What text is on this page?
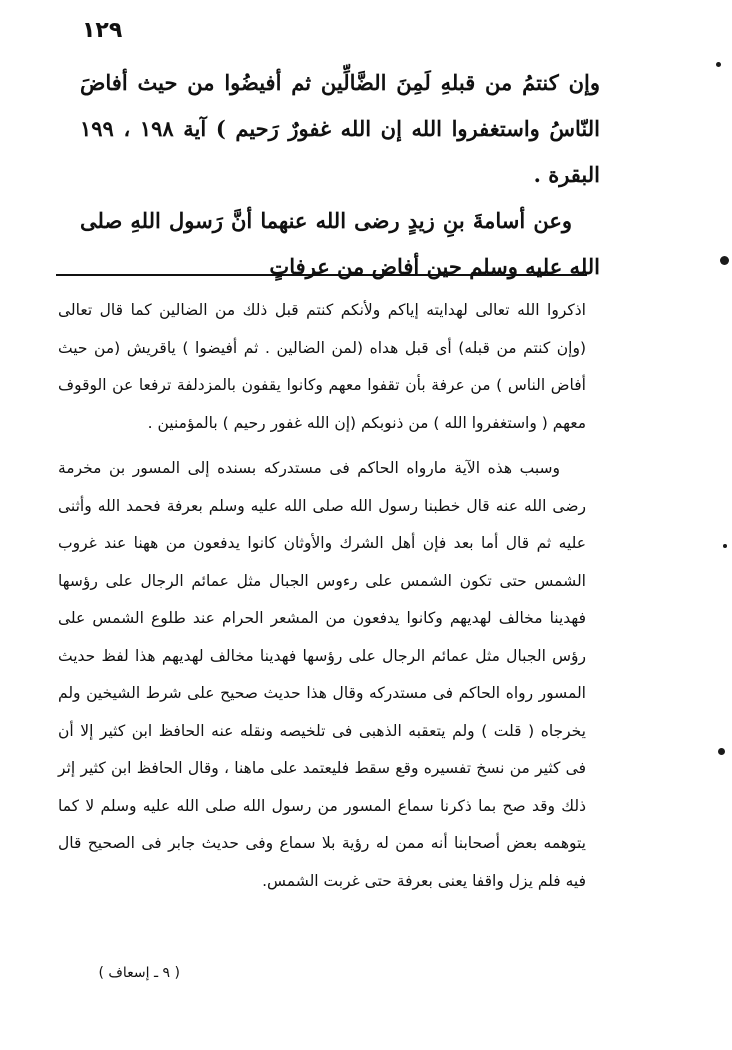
١٢٩

وإن كنتمُ من قبلهِ لَمِنَ الضَّالِّين ثم أفيضُوا من حيث أفاضَ النّاسُ واستغفروا الله إن الله غفورٌ رَحيم ) آية ١٩٨ ، ١٩٩ البقرة .

وعن أسامةَ بنِ زيدٍ رضى الله عنهما أنَّ رَسول اللهِ صلى الله عليه وسلم حين أفاض من عرفاتٍ

اذكروا الله تعالى لهدايته إياكم ولأنكم كنتم قبل ذلك من الضالين كما قال تعالى (وإن كنتم من قبله) أى قبل هداه (لمن الضالين . ثم أفيضوا ) ياقريش (من حيث أفاض الناس ) من عرفة بأن تقفوا معهم وكانوا يقفون بالمزدلفة ترفعا عن الوقوف معهم ( واستغفروا الله ) من ذنوبكم (إن الله غفور رحيم ) بالمؤمنين .

وسبب هذه الآية مارواه الحاكم فى مستدركه بسنده إلى المسور بن مخرمة رضى الله عنه قال خطبنا رسول الله صلى الله عليه وسلم بعرفة فحمد الله وأثنى عليه ثم قال أما بعد فإن أهل الشرك والأوثان كانوا يدفعون من ههنا عند غروب الشمس حتى تكون الشمس على رءوس الجبال مثل عمائم الرجال على رؤسها فهدينا مخالف لهديهم وكانوا يدفعون من المشعر الحرام عند طلوع الشمس على رؤس الجبال مثل عمائم الرجال على رؤسها فهدينا مخالف لهديهم هذا لفظ حديث المسور رواه الحاكم فى مستدركه وقال هذا حديث صحيح على شرط الشيخين ولم يخرجاه ( قلت ) ولم يتعقبه الذهبى فى تلخيصه ونقله عنه الحافظ ابن كثير إلا أن فى كثير من نسخ تفسيره وقع سقط فليعتمد على ماهنا ، وقال الحافظ ابن كثير إثر ذلك وقد صح بما ذكرنا سماع المسور من رسول الله صلى الله عليه وسلم لا كما يتوهمه بعض أصحابنا أنه ممن له رؤية بلا سماع وفى حديث جابر فى الصحيح قال فيه فلم يزل واقفا يعنى بعرفة حتى غربت الشمس.

( ٩ ـ إسعاف )
